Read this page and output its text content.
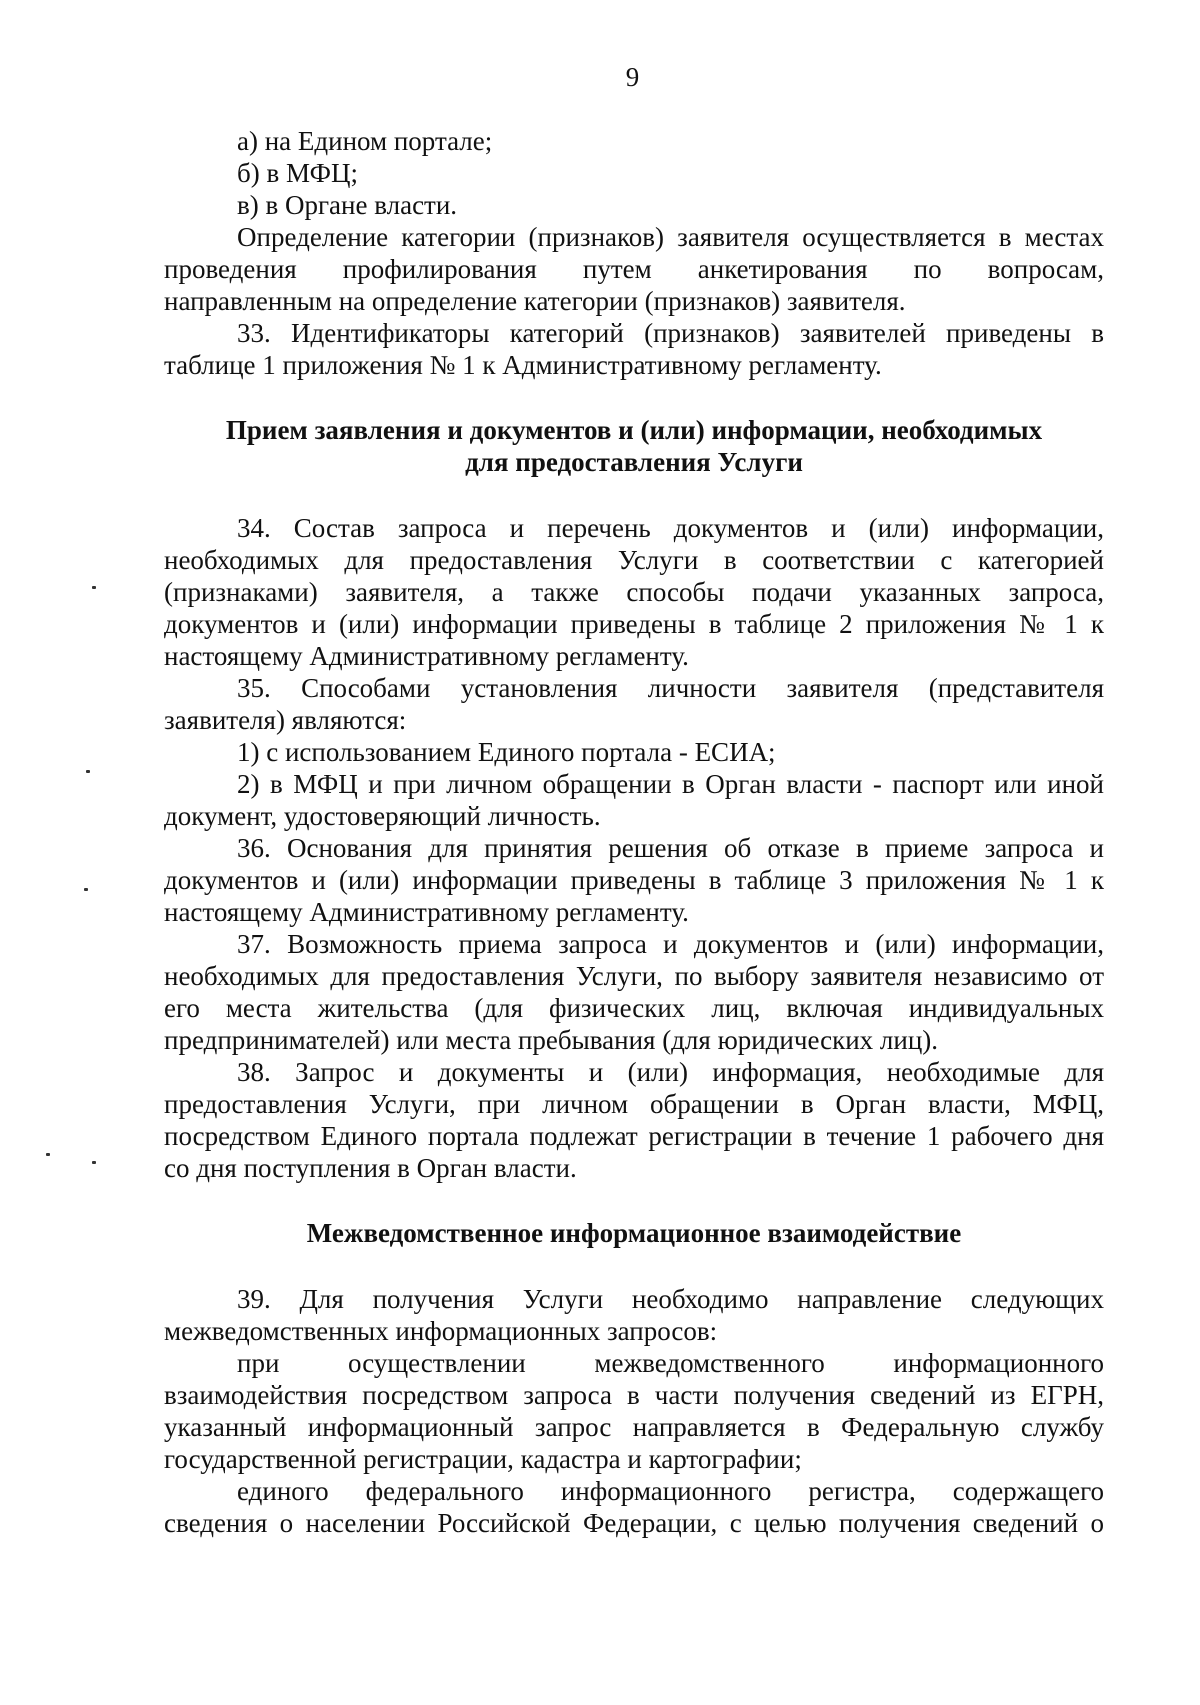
9

а) на Едином портале;

б) в МФЦ;

в) в Органе власти.

Определение категории (признаков) заявителя осуществляется в местах

проведения профилирования путем анкетирования по вопросам,

направленным на определение категории (признаков) заявителя.

33. Идентификаторы категорий (признаков) заявителей приведены в

таблице 1 приложения № 1 к Административному регламенту.

Прием заявления и документов и (или) информации, необходимых

для предоставления Услуги

34. Состав запроса и перечень документов и (или) информации,

необходимых для предоставления Услуги в соответствии с категорией

(признаками) заявителя, а также способы подачи указанных запроса,

документов и (или) информации приведены в таблице 2 приложения № 1 к

настоящему Административному регламенту.

35. Способами установления личности заявителя (представителя

заявителя) являются:

1) с использованием Единого портала - ЕСИА;

2) в МФЦ и при личном обращении в Орган власти - паспорт или иной

документ, удостоверяющий личность.

36. Основания для принятия решения об отказе в приеме запроса и

документов и (или) информации приведены в таблице 3 приложения № 1 к

настоящему Административному регламенту.

37. Возможность приема запроса и документов и (или) информации,

необходимых для предоставления Услуги, по выбору заявителя независимо от

его места жительства (для физических лиц, включая индивидуальных

предпринимателей) или места пребывания (для юридических лиц).

38. Запрос и документы и (или) информация, необходимые для

предоставления Услуги, при личном обращении в Орган власти, МФЦ,

посредством Единого портала подлежат регистрации в течение 1 рабочего дня

со дня поступления в Орган власти.

Межведомственное информационное взаимодействие

39. Для получения Услуги необходимо направление следующих

межведомственных информационных запросов:

при осуществлении межведомственного информационного

взаимодействия посредством запроса в части получения сведений из ЕГРН,

указанный информационный запрос направляется в Федеральную службу

государственной регистрации, кадастра и картографии;

единого федерального информационного регистра, содержащего

сведения о населении Российской Федерации, с целью получения сведений о
